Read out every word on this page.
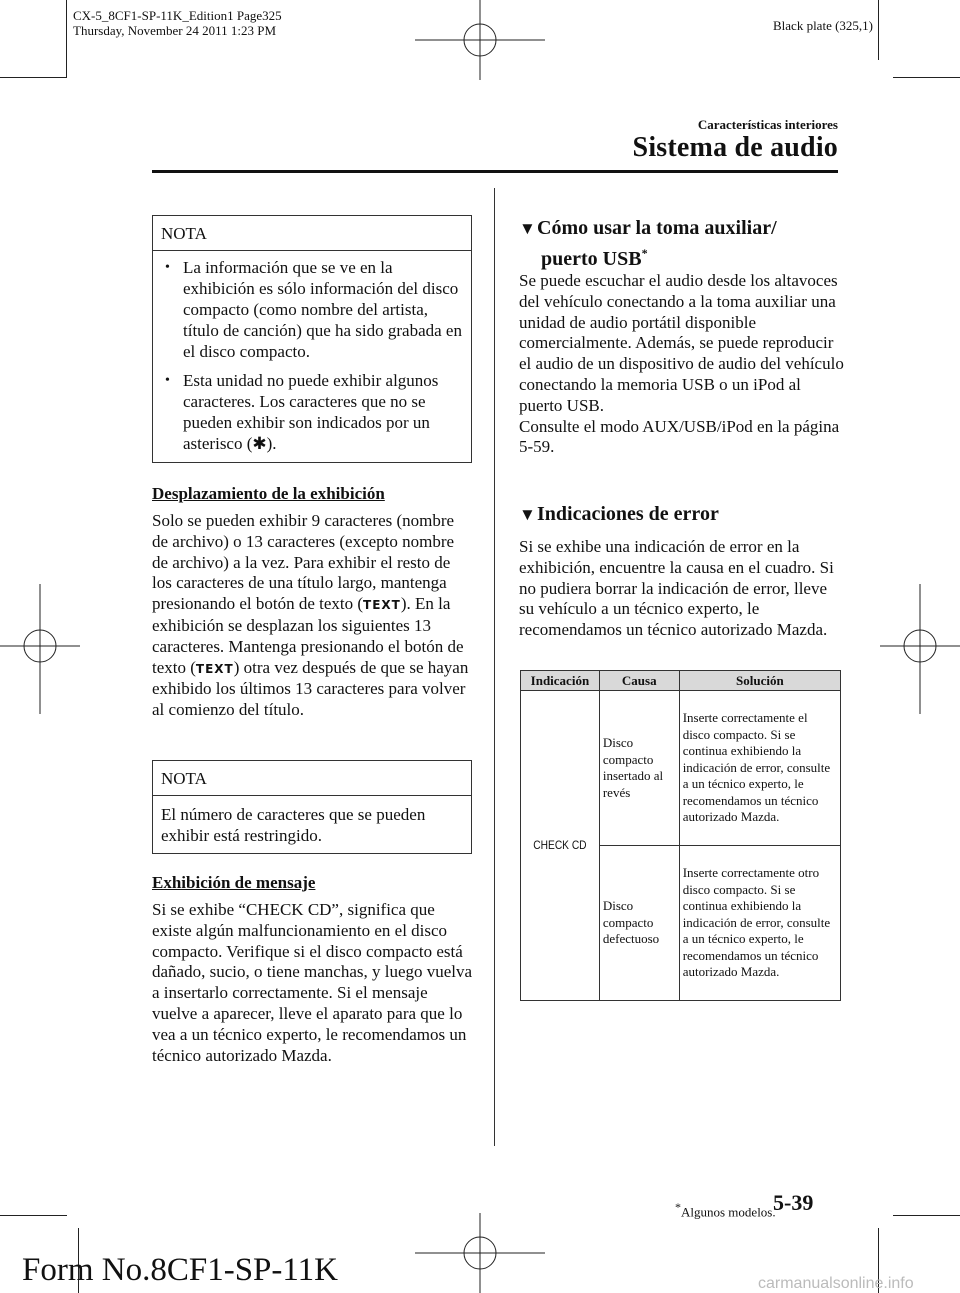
CX-5_8CF1-SP-11K_Edition1 Page325
Thursday, November 24 2011 1:23 PM	Black plate (325,1)
Características interiores
Sistema de audio
NOTA
• La información que se ve en la exhibición es sólo información del disco compacto (como nombre del artista, título de canción) que ha sido grabada en el disco compacto.
• Esta unidad no puede exhibir algunos caracteres. Los caracteres que no se pueden exhibir son indicados por un asterisco (✱).
Desplazamiento de la exhibición
Solo se pueden exhibir 9 caracteres (nombre de archivo) o 13 caracteres (excepto nombre de archivo) a la vez. Para exhibir el resto de los caracteres de una título largo, mantenga presionando el botón de texto (TEXT). En la exhibición se desplazan los siguientes 13 caracteres. Mantenga presionando el botón de texto (TEXT) otra vez después de que se hayan exhibido los últimos 13 caracteres para volver al comienzo del título.
NOTA
El número de caracteres que se pueden exhibir está restringido.
Exhibición de mensaje
Si se exhibe “CHECK CD”, significa que existe algún malfuncionamiento en el disco compacto. Verifique si el disco compacto está dañado, sucio, o tiene manchas, y luego vuelva a insertarlo correctamente. Si el mensaje vuelve a aparecer, lleve el aparato para que lo vea a un técnico experto, le recomendamos un técnico autorizado Mazda.
▼Cómo usar la toma auxiliar/
puerto USB*
Se puede escuchar el audio desde los altavoces del vehículo conectando a la toma auxiliar una unidad de audio portátil disponible comercialmente. Además, se puede reproducir el audio de un dispositivo de audio del vehículo conectando la memoria USB o un iPod al puerto USB.
Consulte el modo AUX/USB/iPod en la página 5-59.
▼Indicaciones de error
Si se exhibe una indicación de error en la exhibición, encuentre la causa en el cuadro. Si no pudiera borrar la indicación de error, lleve su vehículo a un técnico experto, le recomendamos un técnico autorizado Mazda.
Indicación	Causa	Solución

CHECK CD	Disco compacto insertado al revés	Inserte correctamente el disco compacto. Si se continua exhibiendo la indicación de error, consulte a un técnico experto, le recomendamos un técnico autorizado Mazda.
	Disco compacto defectuoso	Inserte correctamente otro disco compacto. Si se continua exhibiendo la indicación de error, consulte a un técnico experto, le recomendamos un técnico autorizado Mazda.
*Algunos modelos.
5-39
Form No.8CF1-SP-11K	carmanualsonline.info
